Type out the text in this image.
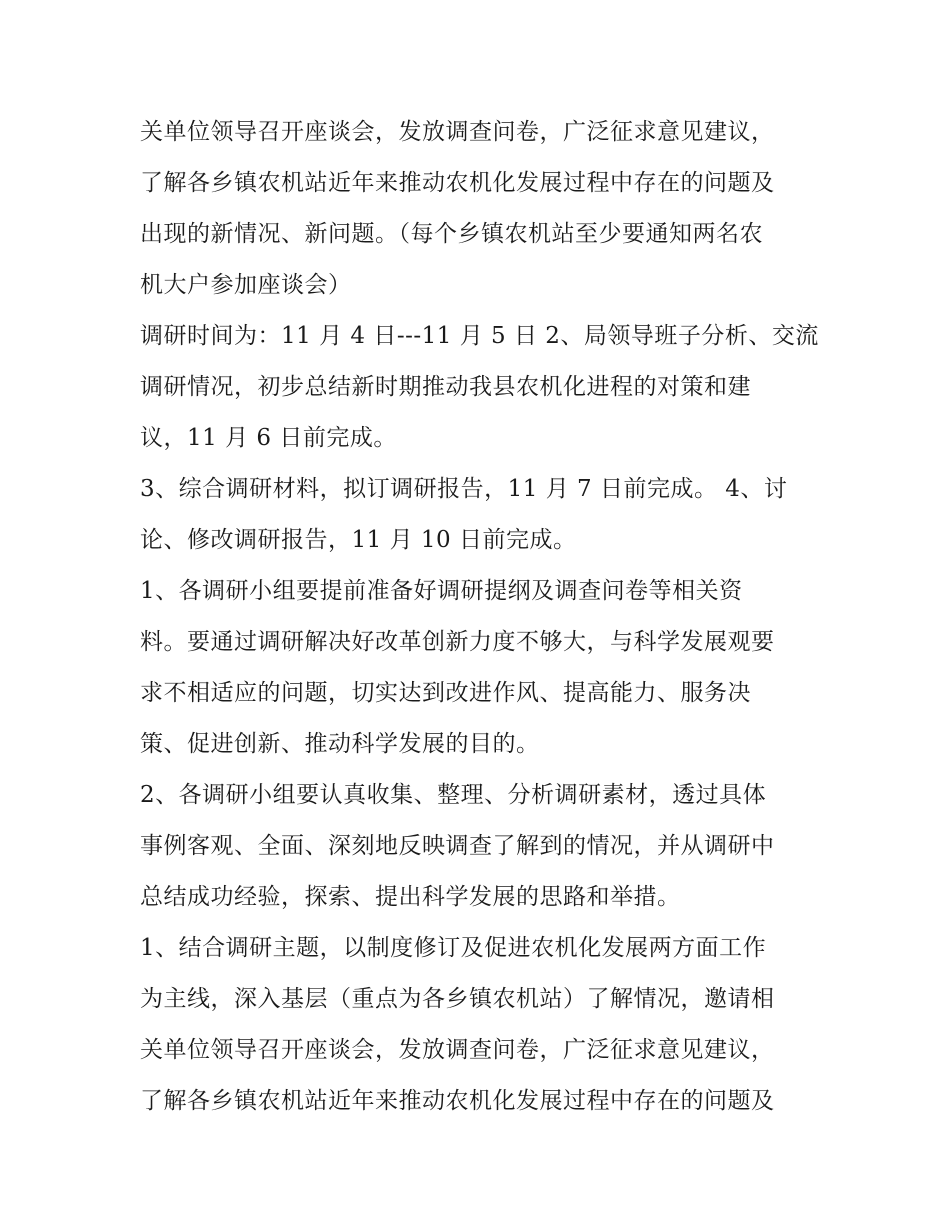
关单位领导召开座谈会，发放调查问卷，广泛征求意见建议，
了解各乡镇农机站近年来推动农机化发展过程中存在的问题及
出现的新情况、新问题。（每个乡镇农机站至少要通知两名农
机大户参加座谈会）
调研时间为：11 月 4 日---11 月 5 日 2、局领导班子分析、交流
调研情况，初步总结新时期推动我县农机化进程的对策和建
议，11 月 6 日前完成。
3、综合调研材料，拟订调研报告，11 月 7 日前完成。 4、讨
论、修改调研报告，11 月 10 日前完成。
1、各调研小组要提前准备好调研提纲及调查问卷等相关资
料。要通过调研解决好改革创新力度不够大，与科学发展观要
求不相适应的问题，切实达到改进作风、提高能力、服务决
策、促进创新、推动科学发展的目的。
2、各调研小组要认真收集、整理、分析调研素材，透过具体
事例客观、全面、深刻地反映调查了解到的情况，并从调研中
总结成功经验，探索、提出科学发展的思路和举措。
1、结合调研主题，以制度修订及促进农机化发展两方面工作
为主线，深入基层（重点为各乡镇农机站）了解情况，邀请相
关单位领导召开座谈会，发放调查问卷，广泛征求意见建议，
了解各乡镇农机站近年来推动农机化发展过程中存在的问题及
